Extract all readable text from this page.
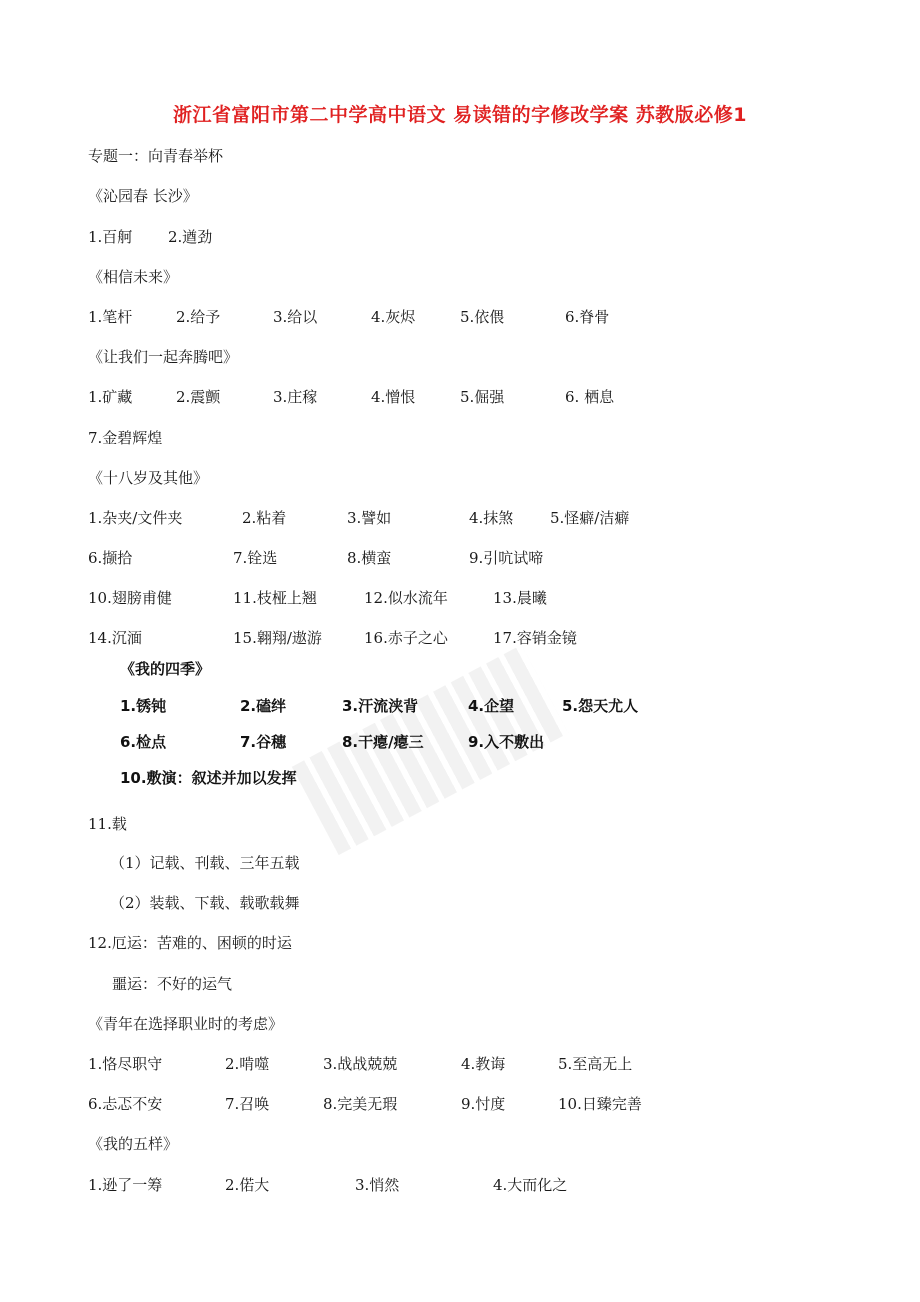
浙江省富阳市第二中学高中语文 易读错的字修改学案 苏教版必修1
专题一：向青春举杯
《沁园春 长沙》
1.百舸 2.遒劲
《相信未来》
1.笔杆	2.给予	3.给以	4.灰烬	5.依偎	6.脊骨
《让我们一起奔腾吧》
1.矿藏	2.震颤	3.庄稼	4.憎恨	5.倔强	6. 栖息
7.金碧辉煌
《十八岁及其他》
1.杂夹/文件夹	2.粘着	3.譬如	4.抹煞 5.怪癖/洁癖
6.撷拾	7.铨选	8.横蛮	9.引吭试啼
10.翅膀甫健	11.枝桠上翘	12.似水流年	13.晨曦
14.沉湎	15.翱翔/遨游	16.赤子之心	17.容销金镜
《我的四季》
1.锈钝	2.磕绊	3.汗流浃背	4.企望	5.怨天尤人
6.检点	7.谷穗	8.干瘪/瘪三	9.入不敷出
10.敷演：叙述并加以发挥
11.载
（1）记载、刊载、三年五载
（2）装载、下载、载歌载舞
12.厄运：苦难的、困顿的时运
噩运：不好的运气
《青年在选择职业时的考虑》
1.恪尽职守	2.啃噬	3.战战兢兢	4.教诲	5.至高无上
6.忐忑不安	7.召唤	8.完美无瑕	9.忖度	10.日臻完善
《我的五样》
1.逊了一筹	2.偌大	3.悄然	4.大而化之
